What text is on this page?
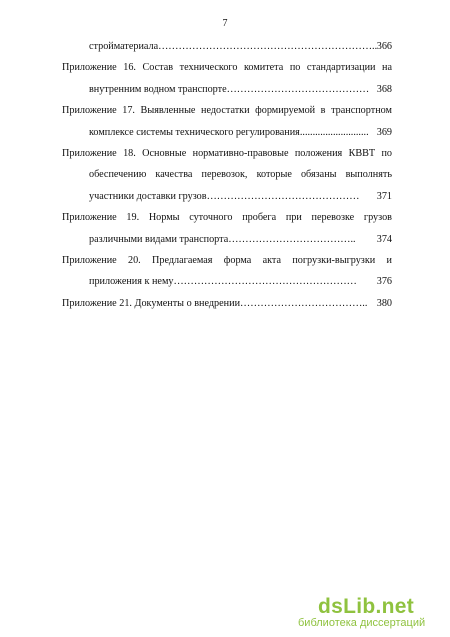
7
стройматериала……………………………………………………….. 366
Приложение 16. Состав технического комитета по стандартизации на
внутренним водном транспорте…………………………………… 368
Приложение 17. Выявленные недостатки формируемой в транспортном
комплексе системы технического регулирования........................... 369
Приложение 18. Основные нормативно-правовые положения КВВТ по
обеспечению качества перевозок, которые обязаны выполнять
участники доставки грузов……………………………………… 371
Приложение 19. Нормы суточного пробега при перевозке грузов
различными видами транспорта……………………………….. 374
Приложение 20. Предлагаемая форма акта погрузки-выгрузки и
приложения к нему……………………………………………… 376
Приложение 21. Документы о внедрении……………………………….. 380
dsLib.net
библиотека диссертаций
